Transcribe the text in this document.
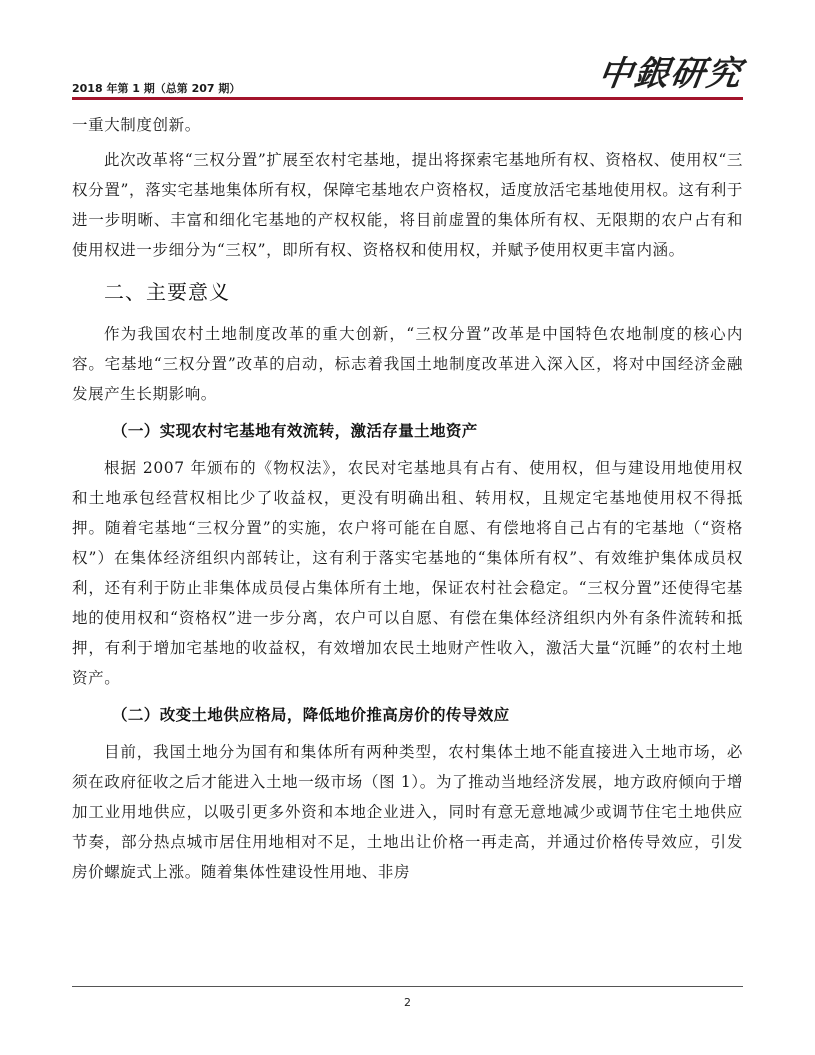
2018 年第 1 期（总第 207 期）	中銀研究

一重大制度创新。

此次改革将“三权分置”扩展至农村宅基地，提出将探索宅基地所有权、资格权、使用权“三权分置”，落实宅基地集体所有权，保障宅基地农户资格权，适度放活宅基地使用权。这有利于进一步明晰、丰富和细化宅基地的产权权能，将目前虚置的集体所有权、无限期的农户占有和使用权进一步细分为“三权”，即所有权、资格权和使用权，并赋予使用权更丰富内涵。

二、主要意义

作为我国农村土地制度改革的重大创新，“三权分置”改革是中国特色农地制度的核心内容。宅基地“三权分置”改革的启动，标志着我国土地制度改革进入深入区，将对中国经济金融发展产生长期影响。

（一）实现农村宅基地有效流转，激活存量土地资产

根据 2007 年颁布的《物权法》，农民对宅基地具有占有、使用权，但与建设用地使用权和土地承包经营权相比少了收益权，更没有明确出租、转用权，且规定宅基地使用权不得抵押。随着宅基地“三权分置”的实施，农户将可能在自愿、有偿地将自己占有的宅基地（“资格权”）在集体经济组织内部转让，这有利于落实宅基地的“集体所有权”、有效维护集体成员权利，还有利于防止非集体成员侵占集体所有土地，保证农村社会稳定。“三权分置”还使得宅基地的使用权和“资格权”进一步分离，农户可以自愿、有偿在集体经济组织内外有条件流转和抵押，有利于增加宅基地的收益权，有效增加农民土地财产性收入，激活大量“沉睡”的农村土地资产。

（二）改变土地供应格局，降低地价推高房价的传导效应

目前，我国土地分为国有和集体所有两种类型，农村集体土地不能直接进入土地市场，必须在政府征收之后才能进入土地一级市场（图 1）。为了推动当地经济发展，地方政府倾向于增加工业用地供应，以吸引更多外资和本地企业进入，同时有意无意地减少或调节住宅土地供应节奏，部分热点城市居住用地相对不足，土地出让价格一再走高，并通过价格传导效应，引发房价螺旋式上涨。随着集体性建设性用地、非房

2
